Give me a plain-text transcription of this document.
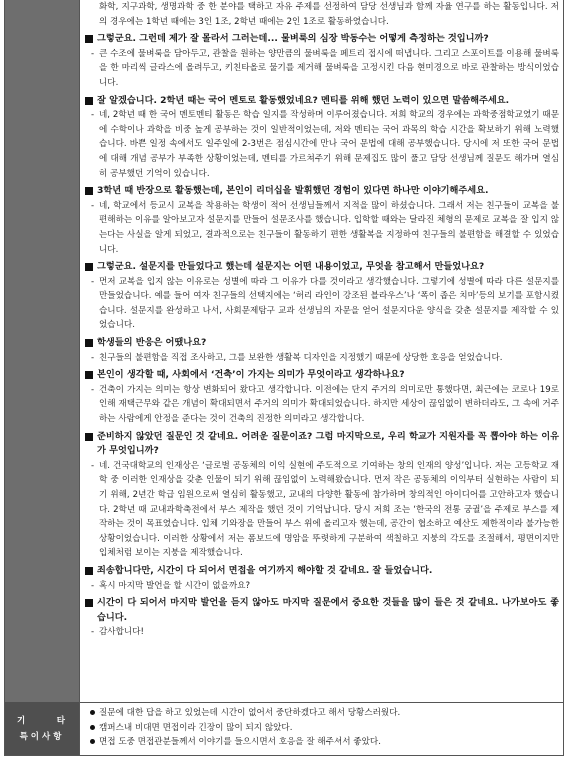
기	타
특이사항
화학, 지구과학, 생명과학 중 한 분야를 택하고 자유 주제를 선정하여 담당 선생님과 함께 자율 연구를 하는 활동입니다. 저의 경우에는 1학년 때에는 3인 1조, 2학년 때에는 2인 1조로 활동하였습니다.
그렇군요. 그런데 제가 잘 몰라서 그러는데... 물벼룩의 심장 박동수는 어떻게 측정하는 것입니까?
- 큰 수조에 물벼룩을 담아두고, 관찰을 원하는 양만큼의 물벼룩을 페트리 접시에 떠냅니다. 그리고 스포이트를 이용해 물벼룩을 한 마리씩 글라스에 올려두고, 키친타올로 물기를 제거해 물벼룩을 고정시킨 다음 현미경으로 바로 관찰하는 방식이었습니다.
잘 알겠습니다. 2학년 때는 국어 멘토로 활동했었네요? 멘티를 위해 했던 노력이 있으면 말씀해주세요.
- 네, 2학년 때 한 국어 멘토멘티 활동은 학습 일지를 작성하며 이루어졌습니다. 저희 학교의 경우에는 과학중점학교였기 때문에 수학이나 과학을 비중 높게 공부하는 것이 일반적이었는데, 저와 멘티는 국어 과목의 학습 시간을 확보하기 위해 노력했습니다. 바쁜 일정 속에서도 일주일에 2-3번은 점심시간에 만나 국어 문법에 대해 공부했습니다. 당시에 저 또한 국어 문법에 대해 개념 공부가 부족한 상황이었는데, 멘티를 가르쳐주기 위해 문제집도 많이 풀고 담당 선생님께 질문도 해가며 열심히 공부했던 기억이 있습니다.
3학년 때 반장으로 활동했는데, 본인이 리더십을 발휘했던 경험이 있다면 하나만 이야기해주세요.
- 네, 학교에서 등교시 교복을 착용하는 학생이 적어 선생님들께서 지적을 많이 하셨습니다. 그래서 저는 친구들이 교복을 불편해하는 이유를 알아보고자 설문지를 만들어 설문조사를 했습니다. 입학할 때와는 달라진 체형의 문제로 교복을 잘 입지 않는다는 사실을 알게 되었고, 결과적으로는 친구들이 활동하기 편한 생활복을 지정하여 친구들의 불편함을 해결할 수 있었습니다.
그렇군요. 설문지를 만들었다고 했는데 설문지는 어떤 내용이었고, 무엇을 참고해서 만들었나요?
- 먼저 교복을 입지 않는 이유로는 성별에 따라 그 이유가 다를 것이라고 생각했습니다. 그렇기에 성별에 따라 다른 설문지를 만들었습니다. 예를 들어 여자 친구들의 선택지에는 ‘허리 라인이 강조된 블라우스’나 ‘폭이 좁은 치마’등의 보기를 포함시켰습니다. 설문지를 완성하고 나서, 사회문제탐구 교과 선생님의 자문을 얻어 설문지다운 양식을 갖춘 설문지를 제작할 수 있었습니다.
학생들의 반응은 어땠나요?
- 친구들의 불편함을 직접 조사하고, 그를 보완한 생활복 디자인을 지정했기 때문에 상당한 호응을 얻었습니다.
본인이 생각할 때, 사회에서 ‘건축’이 가지는 의미가 무엇이라고 생각하나요?
- 건축이 가지는 의미는 항상 변화되어 왔다고 생각합니다. 이전에는 단지 주거의 의미로만 통했다면, 최근에는 코로나 19로 인해 재택근무와 같은 개념이 확대되면서 주거의 의미가 확대되었습니다. 하지만 세상이 끊임없이 변하더라도, 그 속에 거주하는 사람에게 안정을 준다는 것이 건축의 진정한 의미라고 생각합니다.
준비하지 않았던 질문인 것 같네요. 어려운 질문이죠? 그럼 마지막으로, 우리 학교가 지원자를 꼭 뽑아야 하는 이유가 무엇입니까?
- 네. 건국대학교의 인재상은 ‘글로벌 공동체의 이익 실현에 주도적으로 기여하는 창의 인재의 양성’입니다. 저는 고등학교 재학 중 이러한 인재상을 갖춘 인물이 되기 위해 끊임없이 노력해왔습니다. 먼저 작은 공동체의 이익부터 실현하는 사람이 되기 위해, 2년간 학급 임원으로써 열심히 활동했고, 교내의 다양한 활동에 참가하며 창의적인 아이디어를 고안하고자 했습니다. 2학년 때 교내과학축전에서 부스 제작을 했던 것이 기억납니다. 당시 저희 조는 ‘한국의 전통 궁궐’을 주제로 부스를 제작하는 것이 목표였습니다. 입체 기와장을 만들어 부스 위에 올리고자 했는데, 공간이 협소하고 예산도 제한적이라 불가능한 상황이었습니다. 이러한 상황에서 저는 폼보드에 명암을 뚜렷하게 구분하여 색칠하고 지붕의 각도를 조절해서, 평면이지만 입체처럼 보이는 지붕을 제작했습니다.
죄송합니다만, 시간이 다 되어서 면접을 여기까지 해야할 것 같네요. 잘 들었습니다.
- 혹시 마지막 발언을 할 시간이 없을까요?
시간이 다 되어서 마지막 발언을 듣지 않아도 마지막 질문에서 중요한 것들을 많이 들은 것 같네요. 나가보아도 좋습니다.
- 감사합니다!
질문에 대한 답을 하고 있었는데 시간이 없어서 중단하겠다고 해서 당황스러웠다.
캠퍼스내 비대면 면접이라 긴장이 많이 되지 않았다.
면접 도중 면접관분들께서 이야기를 들으시면서 호응을 잘 해주셔서 좋았다.
